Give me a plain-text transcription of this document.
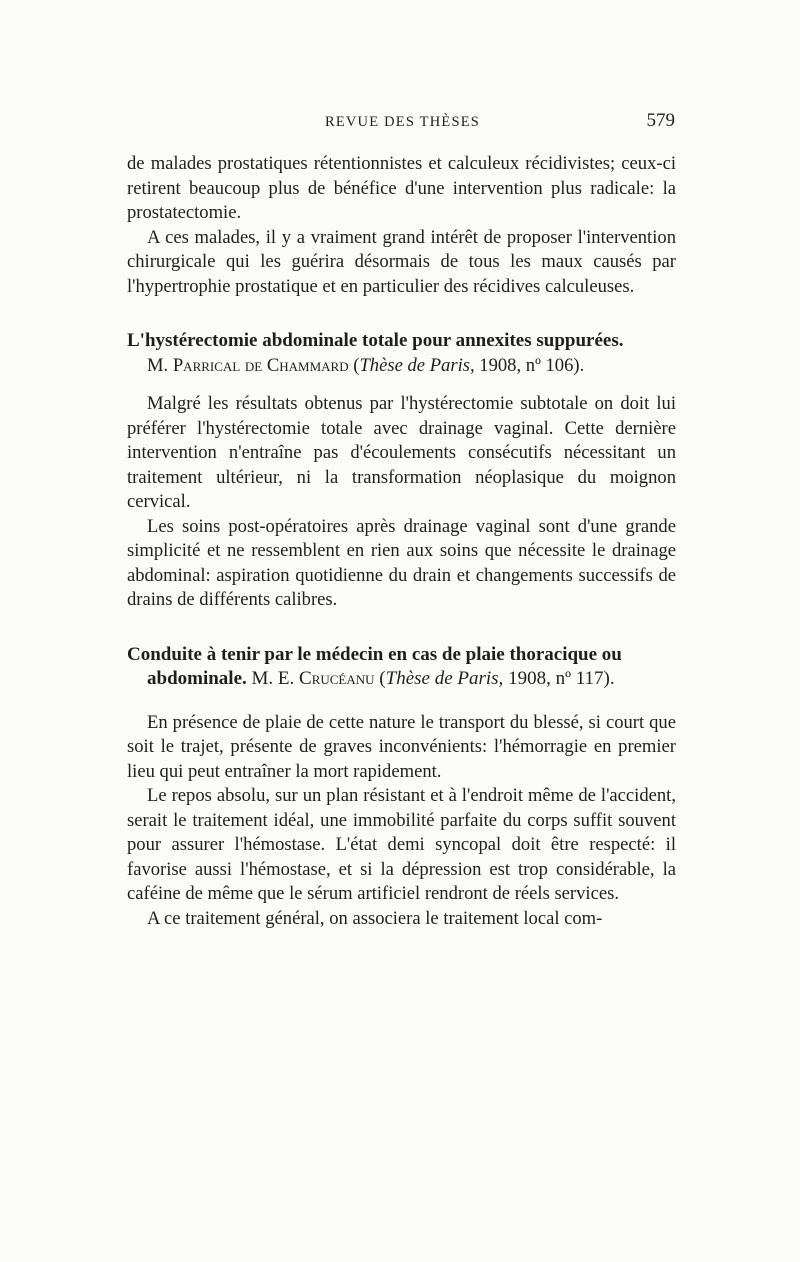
REVUE DES THÈSES	579

de malades prostatiques rétentionnistes et calculeux récidivistes; ceux-ci retirent beaucoup plus de bénéfice d'une intervention plus radicale: la prostatectomie.

A ces malades, il y a vraiment grand intérêt de proposer l'intervention chirurgicale qui les guérira désormais de tous les maux causés par l'hypertrophie prostatique et en particulier des récidives calculeuses.

L'hystérectomie abdominale totale pour annexites suppurées.

M. Parrical de Chammard (Thèse de Paris, 1908, nº 106).

Malgré les résultats obtenus par l'hystérectomie subtotale on doit lui préférer l'hystérectomie totale avec drainage vaginal. Cette dernière intervention n'entraîne pas d'écoulements consécutifs nécessitant un traitement ultérieur, ni la transformation néoplasique du moignon cervical.

Les soins post-opératoires après drainage vaginal sont d'une grande simplicité et ne ressemblent en rien aux soins que nécessite le drainage abdominal: aspiration quotidienne du drain et changements successifs de drains de différents calibres.

Conduite à tenir par le médecin en cas de plaie thoracique ou abdominale. M. E. Crucéanu (Thèse de Paris, 1908, nº 117).

En présence de plaie de cette nature le transport du blessé, si court que soit le trajet, présente de graves inconvénients: l'hémorragie en premier lieu qui peut entraîner la mort rapidement.

Le repos absolu, sur un plan résistant et à l'endroit même de l'accident, serait le traitement idéal, une immobilité parfaite du corps suffit souvent pour assurer l'hémostase. L'état demi syncopal doit être respecté: il favorise aussi l'hémostase, et si la dépression est trop considérable, la caféine de même que le sérum artificiel rendront de réels services.

A ce traitement général, on associera le traitement local com-
